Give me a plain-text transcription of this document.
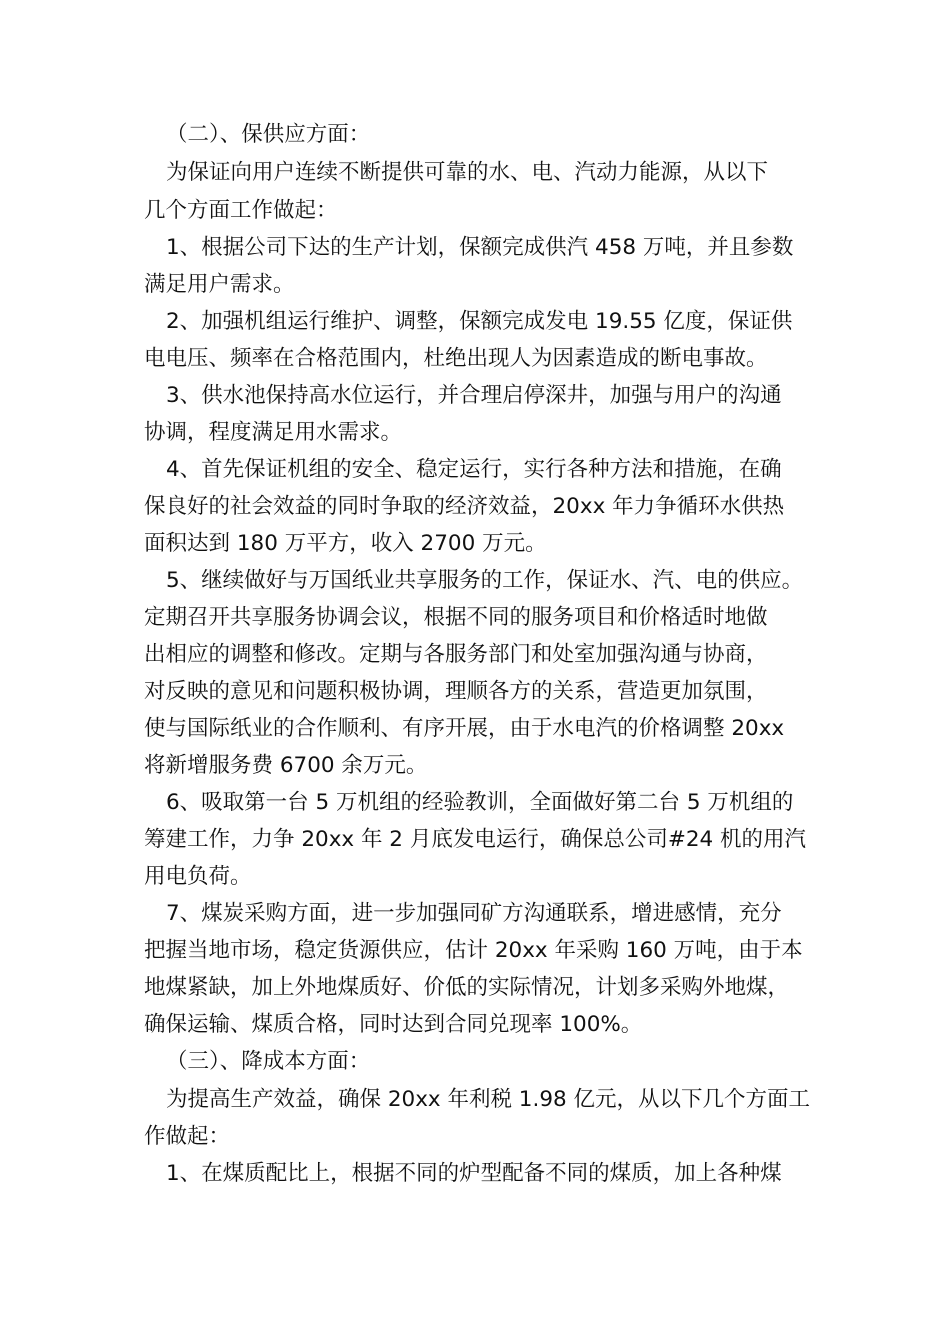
（二）、保供应方面：
为保证向用户连续不断提供可靠的水、电、汽动力能源，从以下
几个方面工作做起：
1、根据公司下达的生产计划，保额完成供汽 458 万吨，并且参数
满足用户需求。
2、加强机组运行维护、调整，保额完成发电 19.55 亿度，保证供
电电压、频率在合格范围内，杜绝出现人为因素造成的断电事故。
3、供水池保持高水位运行，并合理启停深井，加强与用户的沟通
协调，程度满足用水需求。
4、首先保证机组的安全、稳定运行，实行各种方法和措施，在确
保良好的社会效益的同时争取的经济效益，20xx 年力争循环水供热
面积达到 180 万平方，收入 2700 万元。
5、继续做好与万国纸业共享服务的工作，保证水、汽、电的供应。
定期召开共享服务协调会议，根据不同的服务项目和价格适时地做
出相应的调整和修改。定期与各服务部门和处室加强沟通与协商，
对反映的意见和问题积极协调，理顺各方的关系，营造更加氛围，
使与国际纸业的合作顺利、有序开展，由于水电汽的价格调整 20xx
将新增服务费 6700 余万元。
6、吸取第一台 5 万机组的经验教训，全面做好第二台 5 万机组的
筹建工作，力争 20xx 年 2 月底发电运行，确保总公司#24 机的用汽
用电负荷。
7、煤炭采购方面，进一步加强同矿方沟通联系，增进感情，充分
把握当地市场，稳定货源供应，估计 20xx 年采购 160 万吨，由于本
地煤紧缺，加上外地煤质好、价低的实际情况，计划多采购外地煤，
确保运输、煤质合格，同时达到合同兑现率 100%。
（三）、降成本方面：
为提高生产效益，确保 20xx 年利税 1.98 亿元，从以下几个方面工
作做起：
1、在煤质配比上，根据不同的炉型配备不同的煤质，加上各种煤
